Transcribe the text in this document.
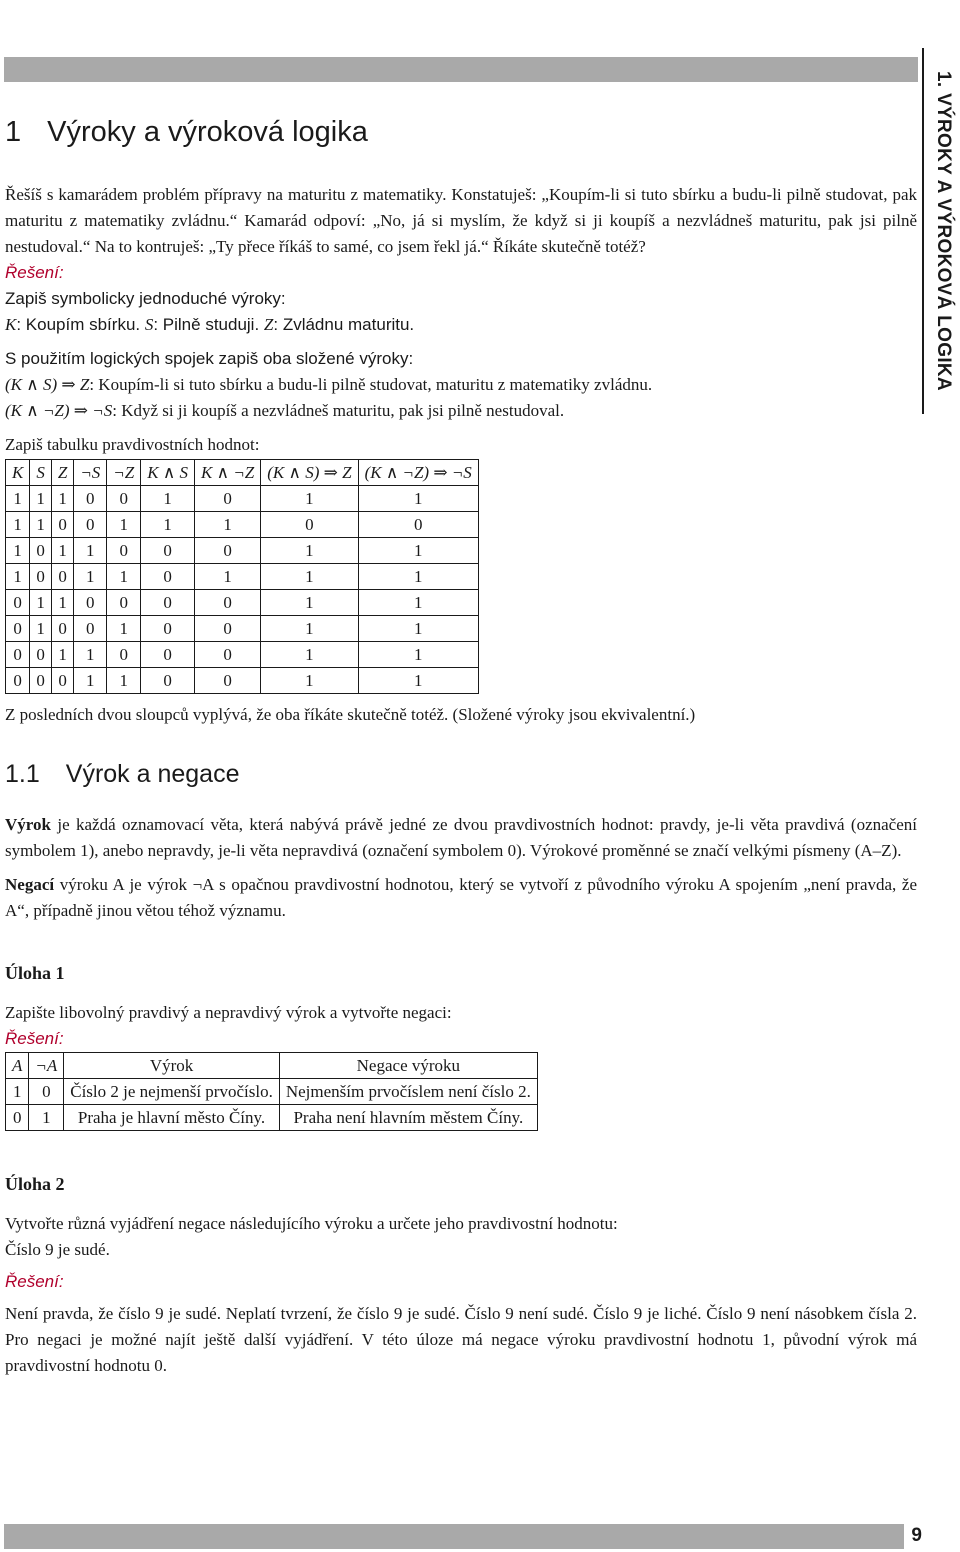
1. VÝROKY A VÝROKOVÁ LOGIKA
1 Výroky a výroková logika

Řešíš s kamarádem problém přípravy na maturitu z matematiky. Konstatuješ: „Koupím-li si tuto sbírku a budu-li pilně studovat, pak maturitu z matematiky zvládnu.“ Kamarád odpoví: „No, já si myslím, že když si ji koupíš a nezvládneš maturitu, pak jsi pilně nestudoval.“ Na to kontruješ: „Ty přece říkáš to samé, co jsem řekl já.“ Říkáte skutečně totéž?

Řešení:
Zapiš symbolicky jednoduché výroky:
K: Koupím sbírku. S: Pilně studuji. Z: Zvládnu maturitu.
S použitím logických spojek zapiš oba složené výroky:
(K ∧ S) ⇒ Z: Koupím-li si tuto sbírku a budu-li pilně studovat, maturitu z matematiky zvládnu.
(K ∧ ¬Z) ⇒ ¬S: Když si ji koupíš a nezvládneš maturitu, pak jsi pilně nestudoval.
Zapiš tabulku pravdivostních hodnot:
K	S	Z	¬S	¬Z	K ∧ S	K ∧ ¬Z	(K ∧ S) ⇒ Z	(K ∧ ¬Z) ⇒ ¬S
1	1	1	0	0	1	0	1	1
1	1	0	0	1	1	1	0	0
1	0	1	1	0	0	0	1	1
1	0	0	1	1	0	1	1	1
0	1	1	0	0	0	0	1	1
0	1	0	0	1	0	0	1	1
0	0	1	1	0	0	0	1	1
0	0	0	1	1	0	0	1	1

Z posledních dvou sloupců vyplývá, že oba říkáte skutečně totéž. (Složené výroky jsou ekvivalentní.)

1.1 Výrok a negace

Výrok je každá oznamovací věta, která nabývá právě jedné ze dvou pravdivostních hodnot: pravdy, je-li věta pravdivá (označení symbolem 1), anebo nepravdy, je-li věta nepravdivá (označení symbolem 0). Výrokové proměnné se značí velkými písmeny (A–Z).

Negací výroku A je výrok ¬A s opačnou pravdivostní hodnotou, který se vytvoří z původního výroku A spojením „není pravda, že A“, případně jinou větou téhož významu.

Úloha 1
Zapište libovolný pravdivý a nepravdivý výrok a vytvořte negaci:
Řešení:
A	¬A	Výrok	Negace výroku
1	0	Číslo 2 je nejmenší prvočíslo.	Nejmenším prvočíslem není číslo 2.
0	1	Praha je hlavní město Číny.	Praha není hlavním městem Číny.
Úloha 2
Vytvořte různá vyjádření negace následujícího výroku a určete jeho pravdivostní hodnotu:
Číslo 9 je sudé.
Řešení:

Není pravda, že číslo 9 je sudé. Neplatí tvrzení, že číslo 9 je sudé. Číslo 9 není sudé. Číslo 9 je liché. Číslo 9 není násobkem čísla 2. Pro negaci je možné najít ještě další vyjádření. V této úloze má negace výroku pravdivostní hodnotu 1, původní výrok má pravdivostní hodnotu 0.

9
